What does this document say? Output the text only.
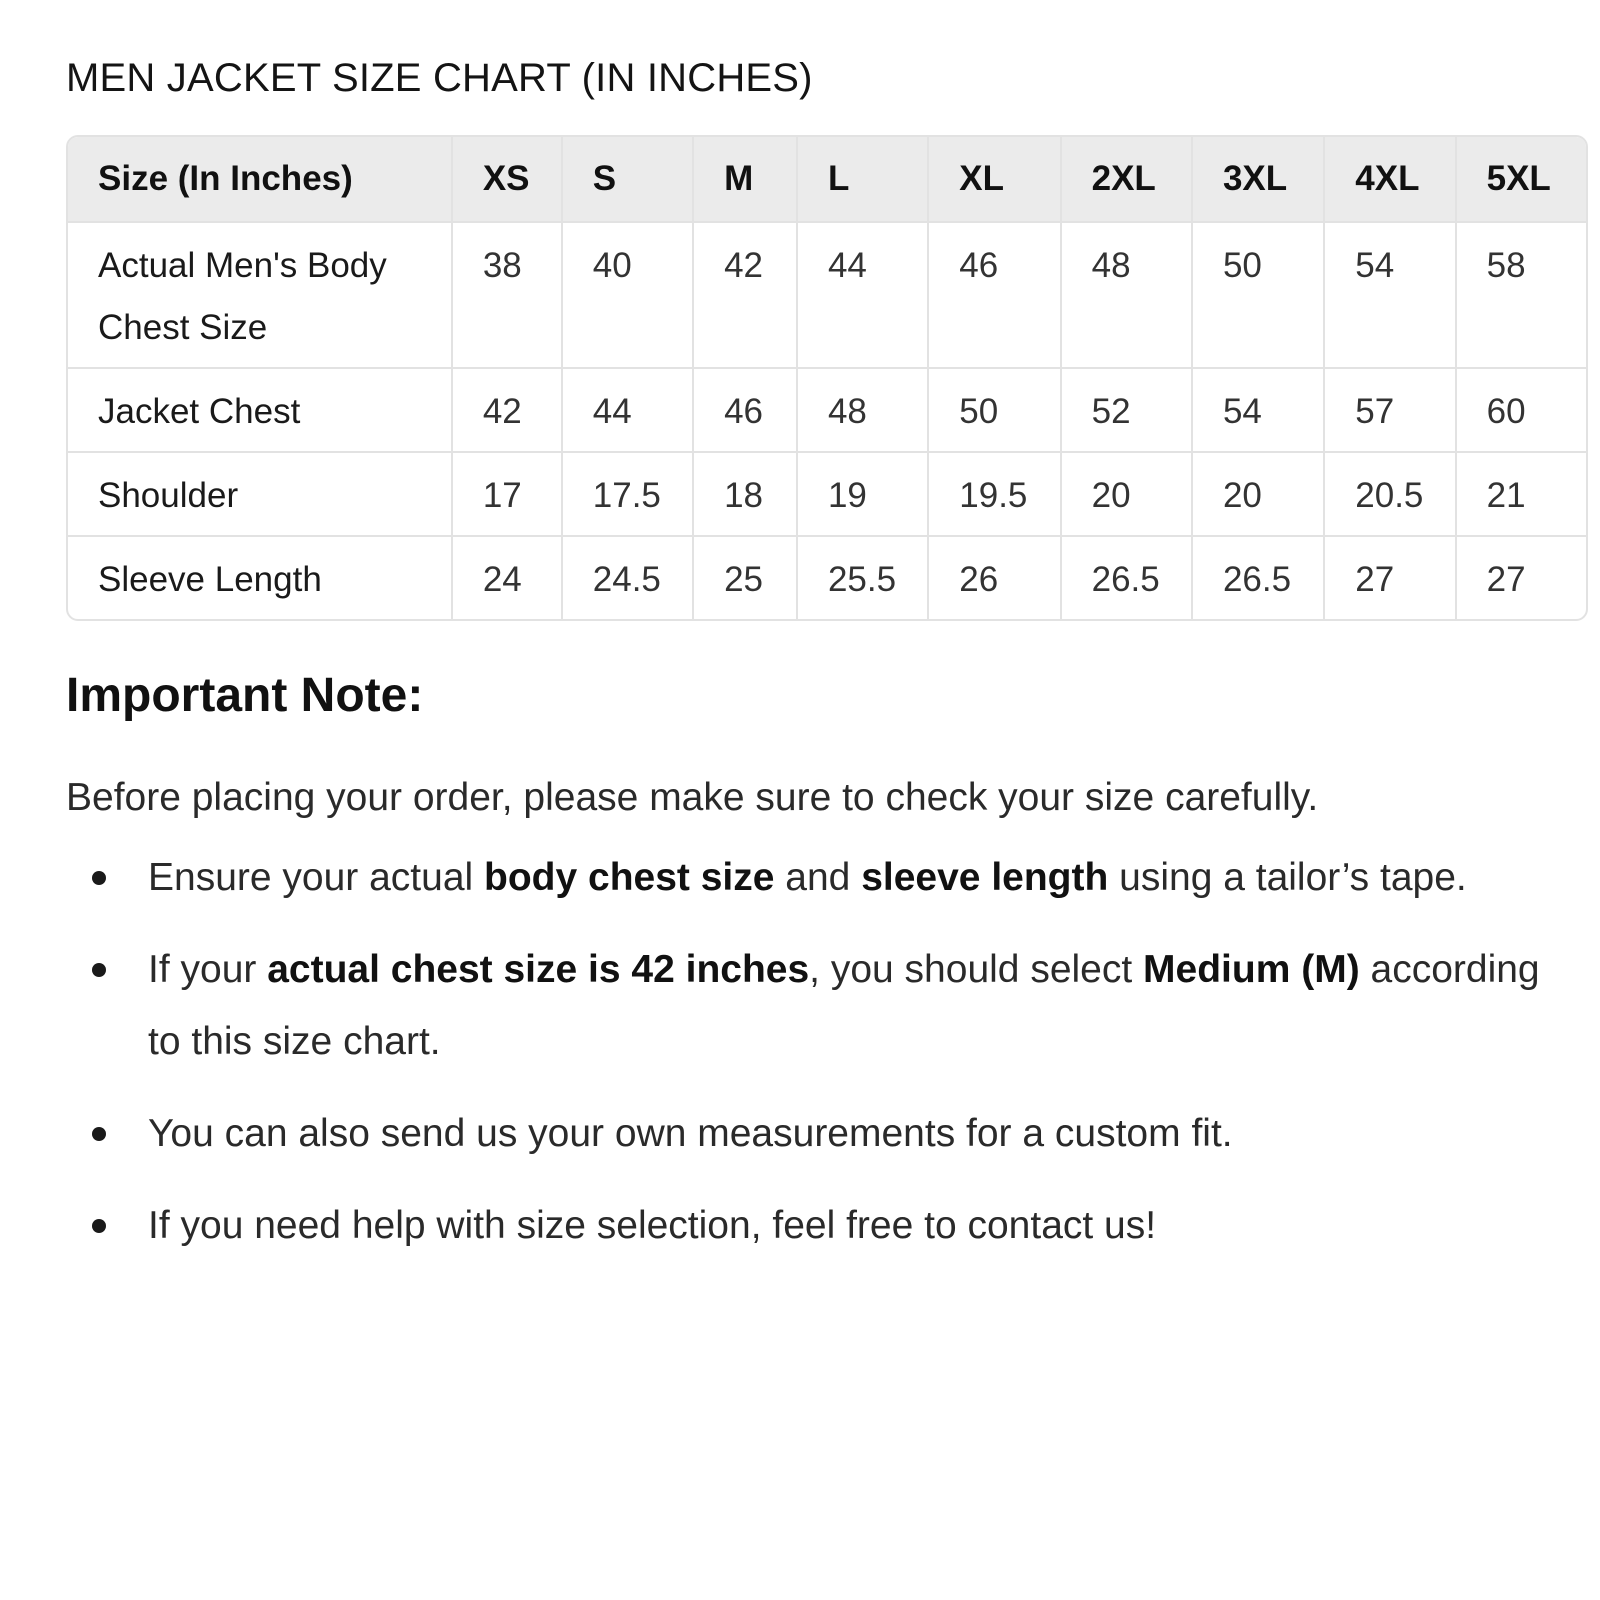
MEN JACKET SIZE CHART (IN INCHES)
Size (In Inches)	XS	S	M	L	XL	2XL	3XL	4XL	5XL

Actual Men's Body
Chest Size	38	40	42	44	46	48	50	54	58
Jacket Chest	42	44	46	48	50	52	54	57	60
Shoulder	17	17.5	18	19	19.5	20	20	20.5	21
Sleeve Length	24	24.5	25	25.5	26	26.5	26.5	27	27
Important Note:
Before placing your order, please make sure to check your size carefully.
Ensure your actual body chest size and sleeve length using a tailor’s tape.
If your actual chest size is 42 inches, you should select Medium (M) according to this size chart.
You can also send us your own measurements for a custom fit.
If you need help with size selection, feel free to contact us!
